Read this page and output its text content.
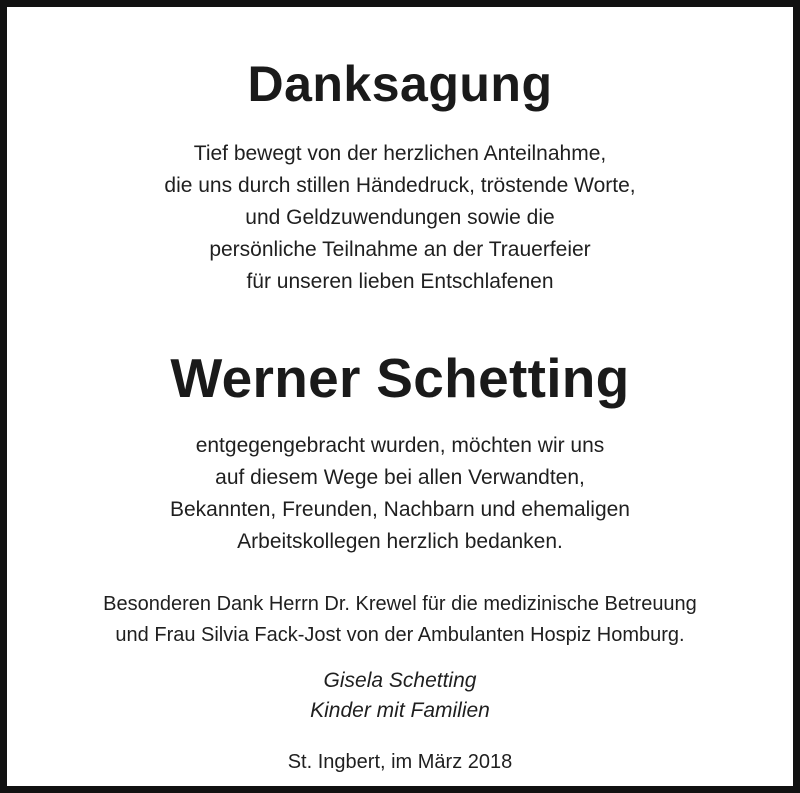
Danksagung

Tief bewegt von der herzlichen Anteilnahme,
die uns durch stillen Händedruck, tröstende Worte,
und Geldzuwendungen sowie die
persönliche Teilnahme an der Trauerfeier
für unseren lieben Entschlafenen

Werner Schetting

entgegengebracht wurden, möchten wir uns
auf diesem Wege bei allen Verwandten,
Bekannten, Freunden, Nachbarn und ehemaligen
Arbeitskollegen herzlich bedanken.

Besonderen Dank Herrn Dr. Krewel für die medizinische Betreuung
und Frau Silvia Fack-Jost von der Ambulanten Hospiz Homburg.

Gisela Schetting
Kinder mit Familien

St. Ingbert, im März 2018
